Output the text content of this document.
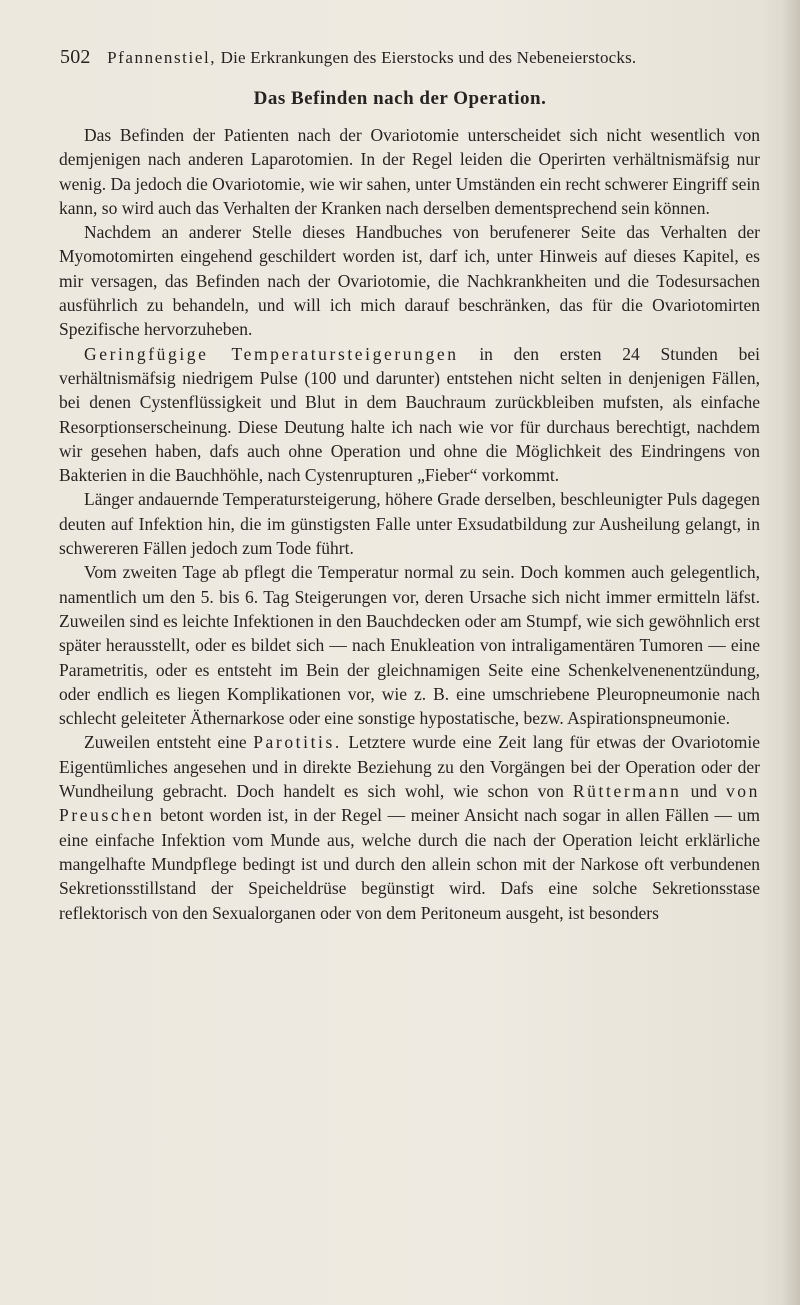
502 Pfannenstiel, Die Erkrankungen des Eierstocks und des Nebeneierstocks.
Das Befinden nach der Operation.

Das Befinden der Patienten nach der Ovariotomie unterscheidet sich nicht wesentlich von demjenigen nach anderen Laparotomien. In der Regel leiden die Operirten verhältnismäfsig nur wenig. Da jedoch die Ovariotomie, wie wir sahen, unter Umständen ein recht schwerer Eingriff sein kann, so wird auch das Verhalten der Kranken nach derselben dementsprechend sein können.

Nachdem an anderer Stelle dieses Handbuches von berufenerer Seite das Verhalten der Myomotomirten eingehend geschildert worden ist, darf ich, unter Hinweis auf dieses Kapitel, es mir versagen, das Befinden nach der Ovariotomie, die Nachkrankheiten und die Todesursachen ausführlich zu behandeln, und will ich mich darauf beschränken, das für die Ovariotomirten Spezifische hervorzuheben.

Geringfügige Temperatursteigerungen in den ersten 24 Stunden bei verhältnismäfsig niedrigem Pulse (100 und darunter) entstehen nicht selten in denjenigen Fällen, bei denen Cystenflüssigkeit und Blut in dem Bauchraum zurückbleiben mufsten, als einfache Resorptionserscheinung. Diese Deutung halte ich nach wie vor für durchaus berechtigt, nachdem wir gesehen haben, dafs auch ohne Operation und ohne die Möglichkeit des Eindringens von Bakterien in die Bauchhöhle, nach Cystenrupturen „Fieber“ vorkommt.

Länger andauernde Temperatursteigerung, höhere Grade derselben, beschleunigter Puls dagegen deuten auf Infektion hin, die im günstigsten Falle unter Exsudatbildung zur Ausheilung gelangt, in schwereren Fällen jedoch zum Tode führt.

Vom zweiten Tage ab pflegt die Temperatur normal zu sein. Doch kommen auch gelegentlich, namentlich um den 5. bis 6. Tag Steigerungen vor, deren Ursache sich nicht immer ermitteln läfst. Zuweilen sind es leichte Infektionen in den Bauchdecken oder am Stumpf, wie sich gewöhnlich erst später herausstellt, oder es bildet sich — nach Enukleation von intraligamentären Tumoren — eine Parametritis, oder es entsteht im Bein der gleichnamigen Seite eine Schenkelvenenentzündung, oder endlich es liegen Komplikationen vor, wie z. B. eine umschriebene Pleuropneumonie nach schlecht geleiteter Äthernarkose oder eine sonstige hypostatische, bezw. Aspirationspneumonie.

Zuweilen entsteht eine Parotitis. Letztere wurde eine Zeit lang für etwas der Ovariotomie Eigentümliches angesehen und in direkte Beziehung zu den Vorgängen bei der Operation oder der Wundheilung gebracht. Doch handelt es sich wohl, wie schon von Rüttermann und von Preuschen betont worden ist, in der Regel — meiner Ansicht nach sogar in allen Fällen — um eine einfache Infektion vom Munde aus, welche durch die nach der Operation leicht erklärliche mangelhafte Mundpflege bedingt ist und durch den allein schon mit der Narkose oft verbundenen Sekretionsstillstand der Speicheldrüse begünstigt wird. Dafs eine solche Sekretionsstase reflektorisch von den Sexualorganen oder von dem Peritoneum ausgeht, ist besonders
